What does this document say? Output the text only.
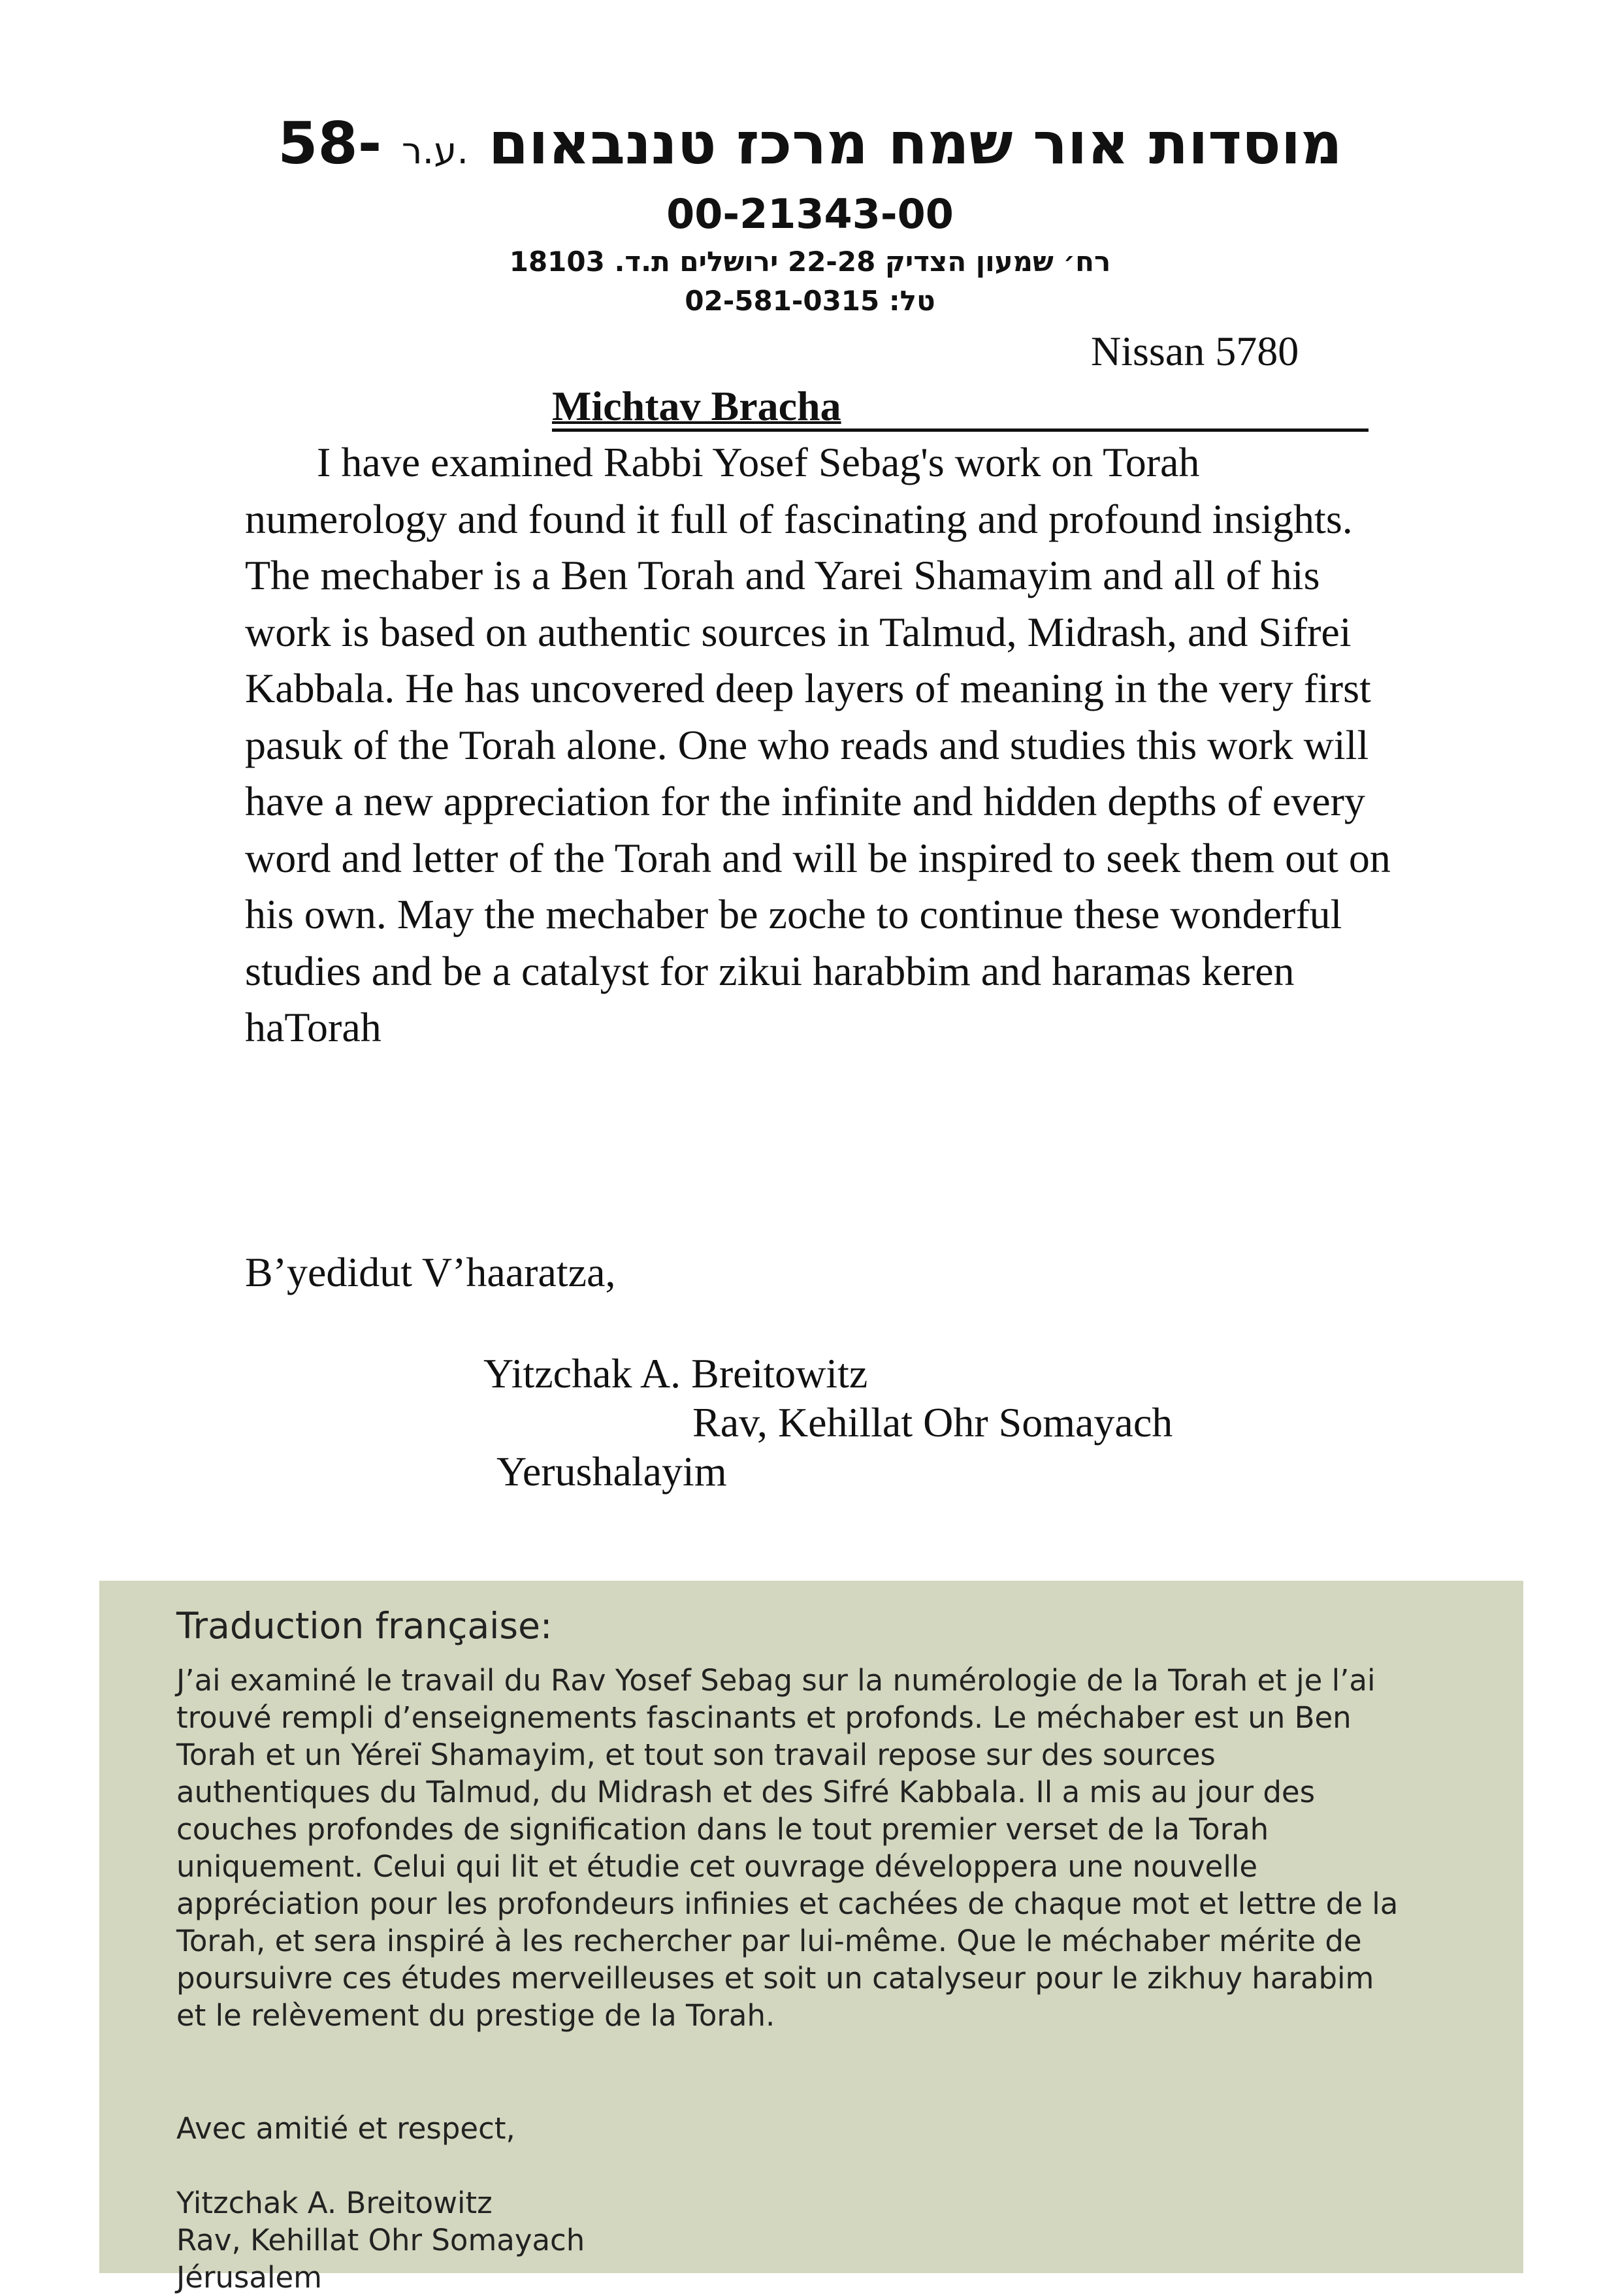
58- ע.ר. מוסדות אור שמח מרכז טננבאום
00-21343-00
רח׳ שמעון הצדיק 22-28 ירושלים ת.ד. 18103
טל: 02-581-0315
Nissan 5780
Michtav Bracha
I have examined Rabbi Yosef Sebag's work on Torah numerology and found it full of fascinating and profound insights. The mechaber is a Ben Torah and Yarei Shamayim and all of his work is based on authentic sources in Talmud, Midrash, and Sifrei Kabbala. He has uncovered deep layers of meaning in the very first pasuk of the Torah alone. One who reads and studies this work will have a new appreciation for the infinite and hidden depths of every word and letter of the Torah and will be inspired to seek them out on his own. May the mechaber be zoche to continue these wonderful studies and be a catalyst for zikui harabbim and haramas keren haTorah
B’yedidut V’haaratza,
Yitzchak A. Breitowitz
Rav, Kehillat Ohr Somayach
Yerushalayim
Traduction française:
J’ai examiné le travail du Rav Yosef Sebag sur la numérologie de la Torah et je l’ai
trouvé rempli d’enseignements fascinants et profonds. Le méchaber est un Ben
Torah et un Yéreï Shamayim, et tout son travail repose sur des sources
authentiques du Talmud, du Midrash et des Sifré Kabbala. Il a mis au jour des
couches profondes de signification dans le tout premier verset de la Torah
uniquement. Celui qui lit et étudie cet ouvrage développera une nouvelle
appréciation pour les profondeurs infinies et cachées de chaque mot et lettre de la
Torah, et sera inspiré à les rechercher par lui-même. Que le méchaber mérite de
poursuivre ces études merveilleuses et soit un catalyseur pour le zikhuy harabim
et le relèvement du prestige de la Torah.
Avec amitié et respect,
Yitzchak A. Breitowitz
Rav, Kehillat Ohr Somayach
Jérusalem
